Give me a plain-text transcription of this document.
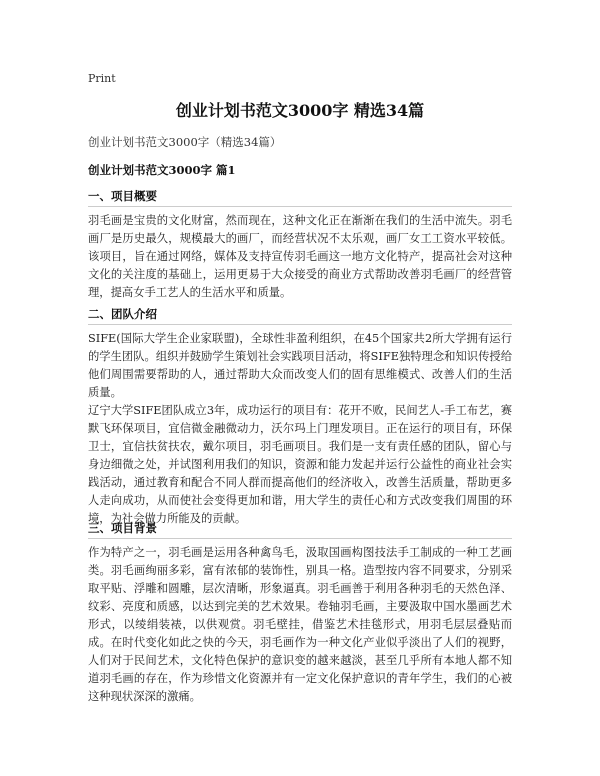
Print
创业计划书范文3000字 精选34篇
创业计划书范文3000字（精选34篇）
创业计划书范文3000字 篇1
一、项目概要
羽毛画是宝贵的文化财富，然而现在，这种文化正在渐渐在我们的生活中流失。羽毛画厂是历史最久，规模最大的画厂，而经营状况不太乐观，画厂女工工资水平较低。该项目，旨在通过网络，媒体及支持宣传羽毛画这一地方文化特产，提高社会对这种文化的关注度的基础上，运用更易于大众接受的商业方式帮助改善羽毛画厂的经营管理，提高女手工艺人的生活水平和质量。
二、团队介绍
SIFE(国际大学生企业家联盟)，全球性非盈利组织，在45个国家共2所大学拥有运行的学生团队。组织并鼓励学生策划社会实践项目活动，将SIFE独特理念和知识传授给他们周围需要帮助的人，通过帮助大众而改变人们的固有思维模式、改善人们的生活质量。
辽宁大学SIFE团队成立3年，成功运行的项目有：花开不败，民间艺人-手工布艺，赛默飞环保项目，宜信微金融微动力，沃尔玛上门理发项目。正在运行的项目有，环保卫士，宜信扶贫扶农，戴尔项目，羽毛画项目。我们是一支有责任感的团队，留心与身边细微之处，并试图利用我们的知识，资源和能力发起并运行公益性的商业社会实践活动，通过教育和配合不同人群而提高他们的经济收入，改善生活质量，帮助更多人走向成功，从而使社会变得更加和谐，用大学生的责任心和方式改变我们周围的环境，为社会做力所能及的贡献。
三、项目背景
作为特产之一，羽毛画是运用各种禽鸟毛，汲取国画构图技法手工制成的一种工艺画类。羽毛画绚丽多彩，富有浓郁的装饰性，别具一格。造型按内容不同要求，分别采取平贴、浮雕和圆雕，层次清晰，形象逼真。羽毛画善于利用各种羽毛的天然色泽、纹彩、亮度和质感，以达到完美的艺术效果。卷轴羽毛画，主要汲取中国水墨画艺术形式，以绫绢装裱，以供观赏。羽毛壁挂，借鉴艺术挂毯形式，用羽毛层层叠贴而成。在时代变化如此之快的今天，羽毛画作为一种文化产业似乎淡出了人们的视野，人们对于民间艺术，文化特色保护的意识变的越来越淡，甚至几乎所有本地人都不知道羽毛画的存在，作为珍惜文化资源并有一定文化保护意识的青年学生，我们的心被这种现状深深的激痛。
